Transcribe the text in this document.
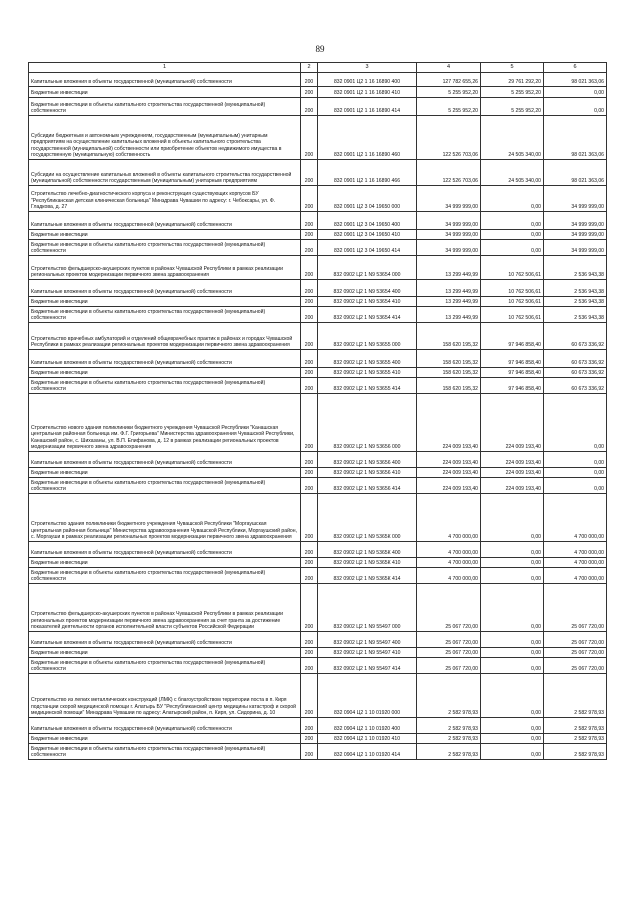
89
1	2	3	4	5	6
Капитальные вложения в объекты государственной (муниципальной) собственности	200	832 0901 Ц2 1 16 16890 400	127 782 655,26	29 761 292,20	98 021 363,06
Бюджетные инвестиции	200	832 0901 Ц2 1 16 16890 410	5 255 952,20	5 255 952,20	0,00
Бюджетные инвестиции в объекты капитального строительства государственной (муниципальной) собственности	200	832 0901 Ц2 1 16 16890 414	5 255 952,20	5 255 952,20	0,00
Субсидии бюджетным и автономным учреждениям, государственным (муниципальным) унитарным предприятиям на осуществление капитальных вложений в объекты капитального строительства государственной (муниципальной) собственности или приобретение объектов недвижимого имущества в государственную (муниципальную) собственность	200	832 0901 Ц2 1 16 16890 460	122 526 703,06	24 505 340,00	98 021 363,06
Субсидии на осуществление капитальных вложений в объекты капитального строительства государственной (муниципальной) собственности государственным (муниципальным) унитарным предприятиям	200	832 0901 Ц2 1 16 16890 466	122 526 703,06	24 505 340,00	98 021 363,06
Строительство лечебно-диагностического корпуса и реконструкция существующих корпусов БУ "Республиканская детская клиническая больница" Минздрава Чувашии по адресу: г. Чебоксары, ул. Ф. Гладкова, д. 27	200	832 0901 Ц2 3 04 19650 000	34 999 999,00	0,00	34 999 999,00
Капитальные вложения в объекты государственной (муниципальной) собственности	200	832 0901 Ц2 3 04 19650 400	34 999 999,00	0,00	34 999 999,00
Бюджетные инвестиции	200	832 0901 Ц2 3 04 19650 410	34 999 999,00	0,00	34 999 999,00
Бюджетные инвестиции в объекты капитального строительства государственной (муниципальной) собственности	200	832 0901 Ц2 3 04 19650 414	34 999 999,00	0,00	34 999 999,00
Строительство фельдшерско-акушерских пунктов в районах Чувашской Республики в рамках реализации региональных проектов модернизации первичного звена здравоохранения	200	832 0902 Ц2 1 N9 53654 000	13 299 449,99	10 762 506,61	2 536 943,38
Капитальные вложения в объекты государственной (муниципальной) собственности	200	832 0902 Ц2 1 N9 53654 400	13 299 449,99	10 762 506,61	2 536 943,38
Бюджетные инвестиции	200	832 0902 Ц2 1 N9 53654 410	13 299 449,99	10 762 506,61	2 536 943,38
Бюджетные инвестиции в объекты капитального строительства государственной (муниципальной) собственности	200	832 0902 Ц2 1 N9 53654 414	13 299 449,99	10 762 506,61	2 536 943,38
Строительство врачебных амбулаторий и отделений общеврачебных практик в районах и городах Чувашской Республики в рамках реализации региональных проектов модернизации первичного звена здравоохранения	200	832 0902 Ц2 1 N9 53655 000	158 620 195,32	97 946 858,40	60 673 336,92
Капитальные вложения в объекты государственной (муниципальной) собственности	200	832 0902 Ц2 1 N9 53655 400	158 620 195,32	97 946 858,40	60 673 336,92
Бюджетные инвестиции	200	832 0902 Ц2 1 N9 53655 410	158 620 195,32	97 946 858,40	60 673 336,92
Бюджетные инвестиции в объекты капитального строительства государственной (муниципальной) собственности	200	832 0902 Ц2 1 N9 53655 414	158 620 195,32	97 946 858,40	60 673 336,92
Строительство нового здания поликлиники бюджетного учреждения Чувашской Республики "Канашская центральная районная больница им. Ф.Г. Григорьева" Министерства здравоохранения Чувашской Республики, Канашский район, с. Шихазаны, ул. В.П. Епифанова, д. 12 в рамках реализации региональных проектов модернизации первичного звена здравоохранения	200	832 0902 Ц2 1 N9 53656 000	224 009 193,40	224 009 193,40	0,00
Капитальные вложения в объекты государственной (муниципальной) собственности	200	832 0902 Ц2 1 N9 53656 400	224 009 193,40	224 009 193,40	0,00
Бюджетные инвестиции	200	832 0902 Ц2 1 N9 53656 410	224 009 193,40	224 009 193,40	0,00
Бюджетные инвестиции в объекты капитального строительства государственной (муниципальной) собственности	200	832 0902 Ц2 1 N9 53656 414	224 009 193,40	224 009 193,40	0,00
Строительство здания поликлиники бюджетного учреждения Чувашской Республики "Моргаушская центральная районная больница" Министерства здравоохранения Чувашской Республики, Моргаушский район, с. Моргауши в рамках реализации региональных проектов модернизации первичного звена здравоохранения	200	832 0902 Ц2 1 N9 5365К 000	4 700 000,00	0,00	4 700 000,00
Капитальные вложения в объекты государственной (муниципальной) собственности	200	832 0902 Ц2 1 N9 5365К 400	4 700 000,00	0,00	4 700 000,00
Бюджетные инвестиции	200	832 0902 Ц2 1 N9 5365К 410	4 700 000,00	0,00	4 700 000,00
Бюджетные инвестиции в объекты капитального строительства государственной (муниципальной) собственности	200	832 0902 Ц2 1 N9 5365К 414	4 700 000,00	0,00	4 700 000,00
Строительство фельдшерско-акушерских пунктов в районах Чувашской Республики в рамках реализации региональных проектов модернизации первичного звена здравоохранения за счет гранта за достижение показателей деятельности органов исполнительной власти субъектов Российской Федерации	200	832 0902 Ц2 1 N9 55497 000	25 067 720,00	0,00	25 067 720,00
Капитальные вложения в объекты государственной (муниципальной) собственности	200	832 0902 Ц2 1 N9 55497 400	25 067 720,00	0,00	25 067 720,00
Бюджетные инвестиции	200	832 0902 Ц2 1 N9 55497 410	25 067 720,00	0,00	25 067 720,00
Бюджетные инвестиции в объекты капитального строительства государственной (муниципальной) собственности	200	832 0902 Ц2 1 N9 55497 414	25 067 720,00	0,00	25 067 720,00
Строительство из легких металлических конструкций (ЛМК) с благоустройством территории поста в п. Киря подстанции скорой медицинской помощи г. Алатырь БУ "Республиканский центр медицины катастроф и скорой медицинской помощи" Минздрава Чувашии по адресу: Алатырский район, п. Киря, ул. Сидорина, д. 10	200	832 0904 Ц2 1 10 01920 000	2 582 978,93	0,00	2 582 978,93
Капитальные вложения в объекты государственной (муниципальной) собственности	200	832 0904 Ц2 1 10 01920 400	2 582 978,93	0,00	2 582 978,93
Бюджетные инвестиции	200	832 0904 Ц2 1 10 01920 410	2 582 978,93	0,00	2 582 978,93
Бюджетные инвестиции в объекты капитального строительства государственной (муниципальной) собственности	200	832 0904 Ц2 1 10 01920 414	2 582 978,93	0,00	2 582 978,93
